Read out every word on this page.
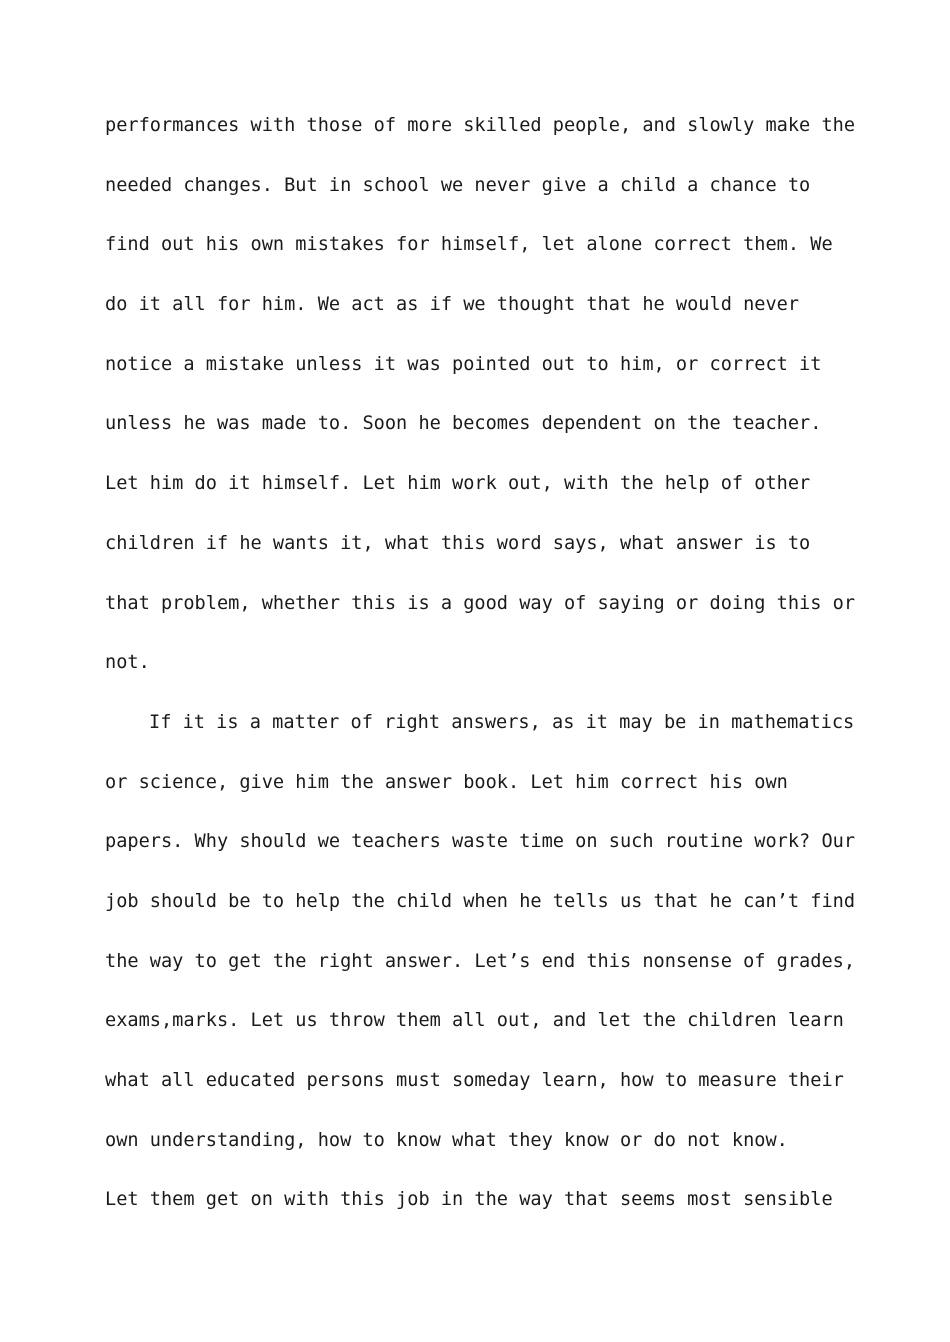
performances with those of more skilled people, and slowly make the
needed changes. But in school we never give a child a chance to
find out his own mistakes for himself, let alone correct them. We
do it all for him. We act as if we thought that he would never
notice a mistake unless it was pointed out to him, or correct it
unless he was made to. Soon he becomes dependent on the teacher.
Let him do it himself. Let him work out, with the help of other
children if he wants it, what this word says, what answer is to
that problem, whether this is a good way of saying or doing this or
not.
If it is a matter of right answers, as it may be in mathematics
or science, give him the answer book. Let him correct his own
papers. Why should we teachers waste time on such routine work? Our
job should be to help the child when he tells us that he can’t find
the way to get the right answer. Let’s end this nonsense of grades,
exams,marks. Let us throw them all out, and let the children learn
what all educated persons must someday learn, how to measure their
own understanding, how to know what they know or do not know.
Let them get on with this job in the way that seems most sensible
